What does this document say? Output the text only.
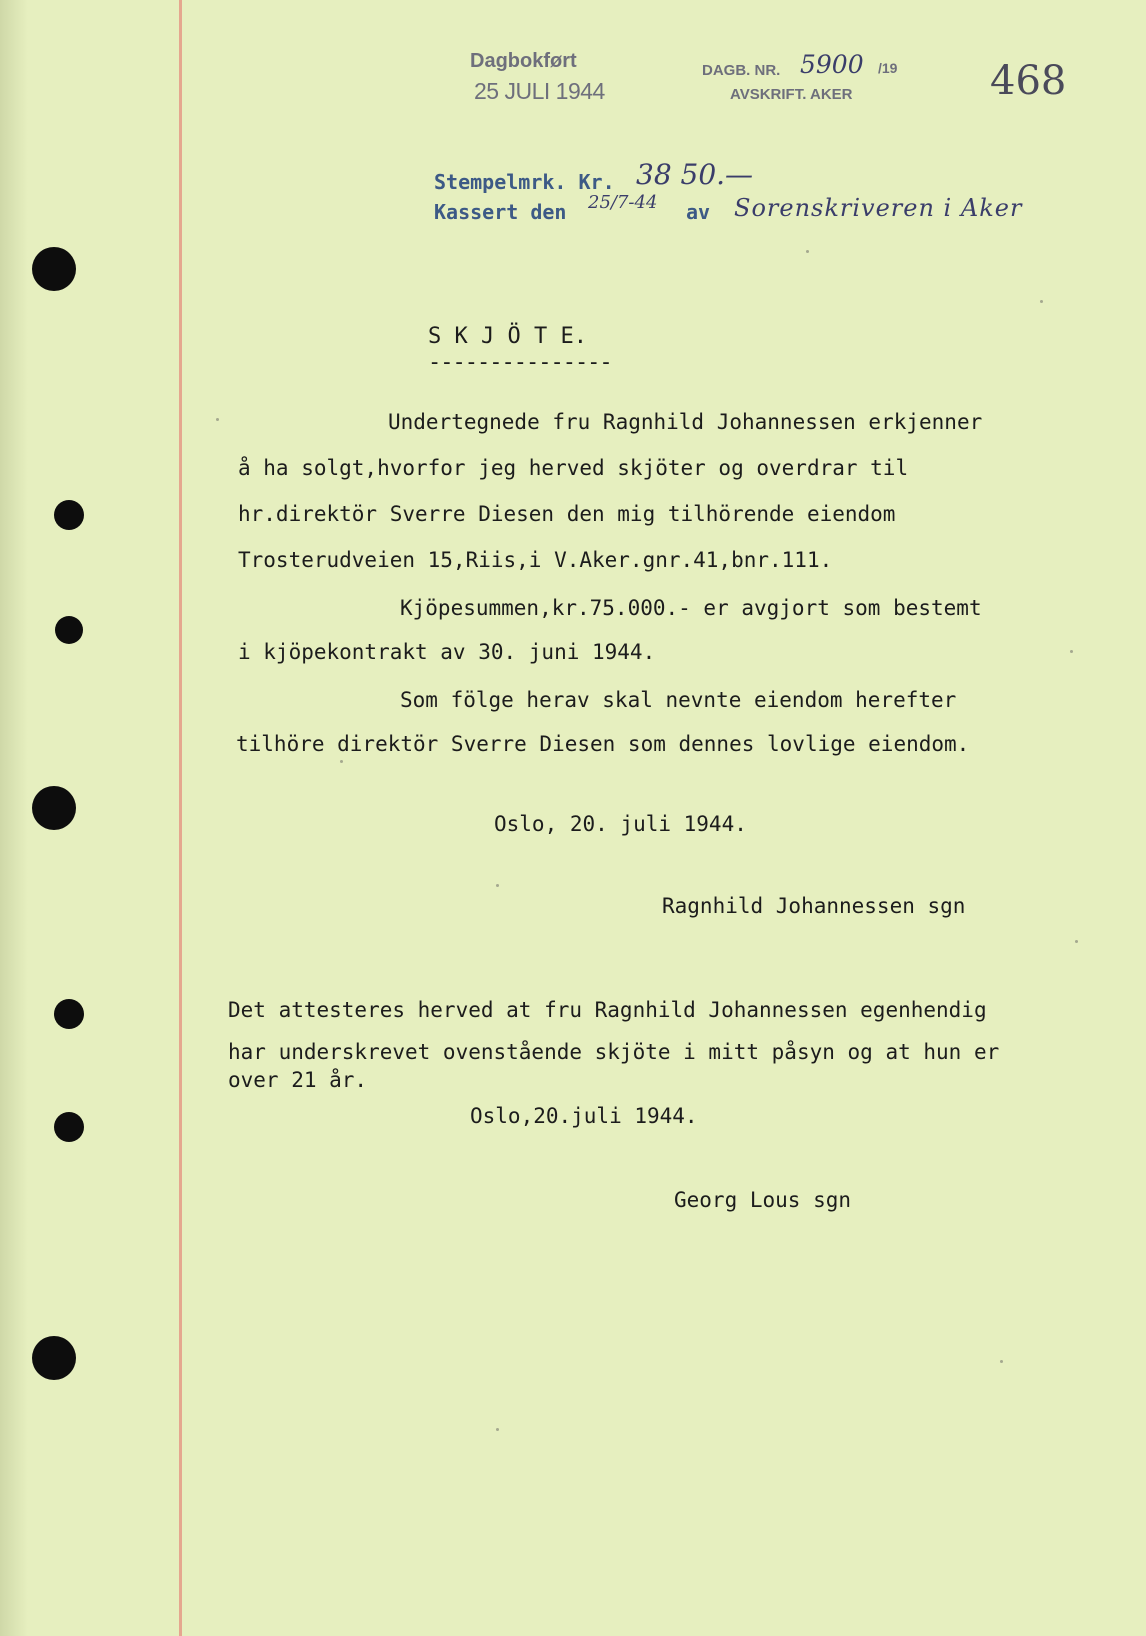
Dagbokført
25 JULI 1944
DAGB. NR. 5900 /19
AVSKRIFT. AKER	468
Stempelmrk. Kr. 38 50.—
Kassert den 25/7-44 av Sorenskriveren i Aker
S K J Ö T E.
---------------
Undertegnede fru Ragnhild Johannessen erkjenner
å ha solgt,hvorfor jeg herved skjöter og overdrar til
hr.direktör Sverre Diesen den mig tilhörende eiendom
Trosterudveien 15,Riis,i V.Aker.gnr.41,bnr.111.
Kjöpesummen,kr.75.000.- er avgjort som bestemt
i kjöpekontrakt av 30. juni 1944.
Som fölge herav skal nevnte eiendom herefter
tilhöre direktör Sverre Diesen som dennes lovlige eiendom.
Oslo, 20. juli 1944.
Ragnhild Johannessen sgn
Det attesteres herved at fru Ragnhild Johannessen egenhendig
har underskrevet ovenstående skjöte i mitt påsyn og at hun er
over 21 år.
Oslo,20.juli 1944.
Georg Lous sgn
